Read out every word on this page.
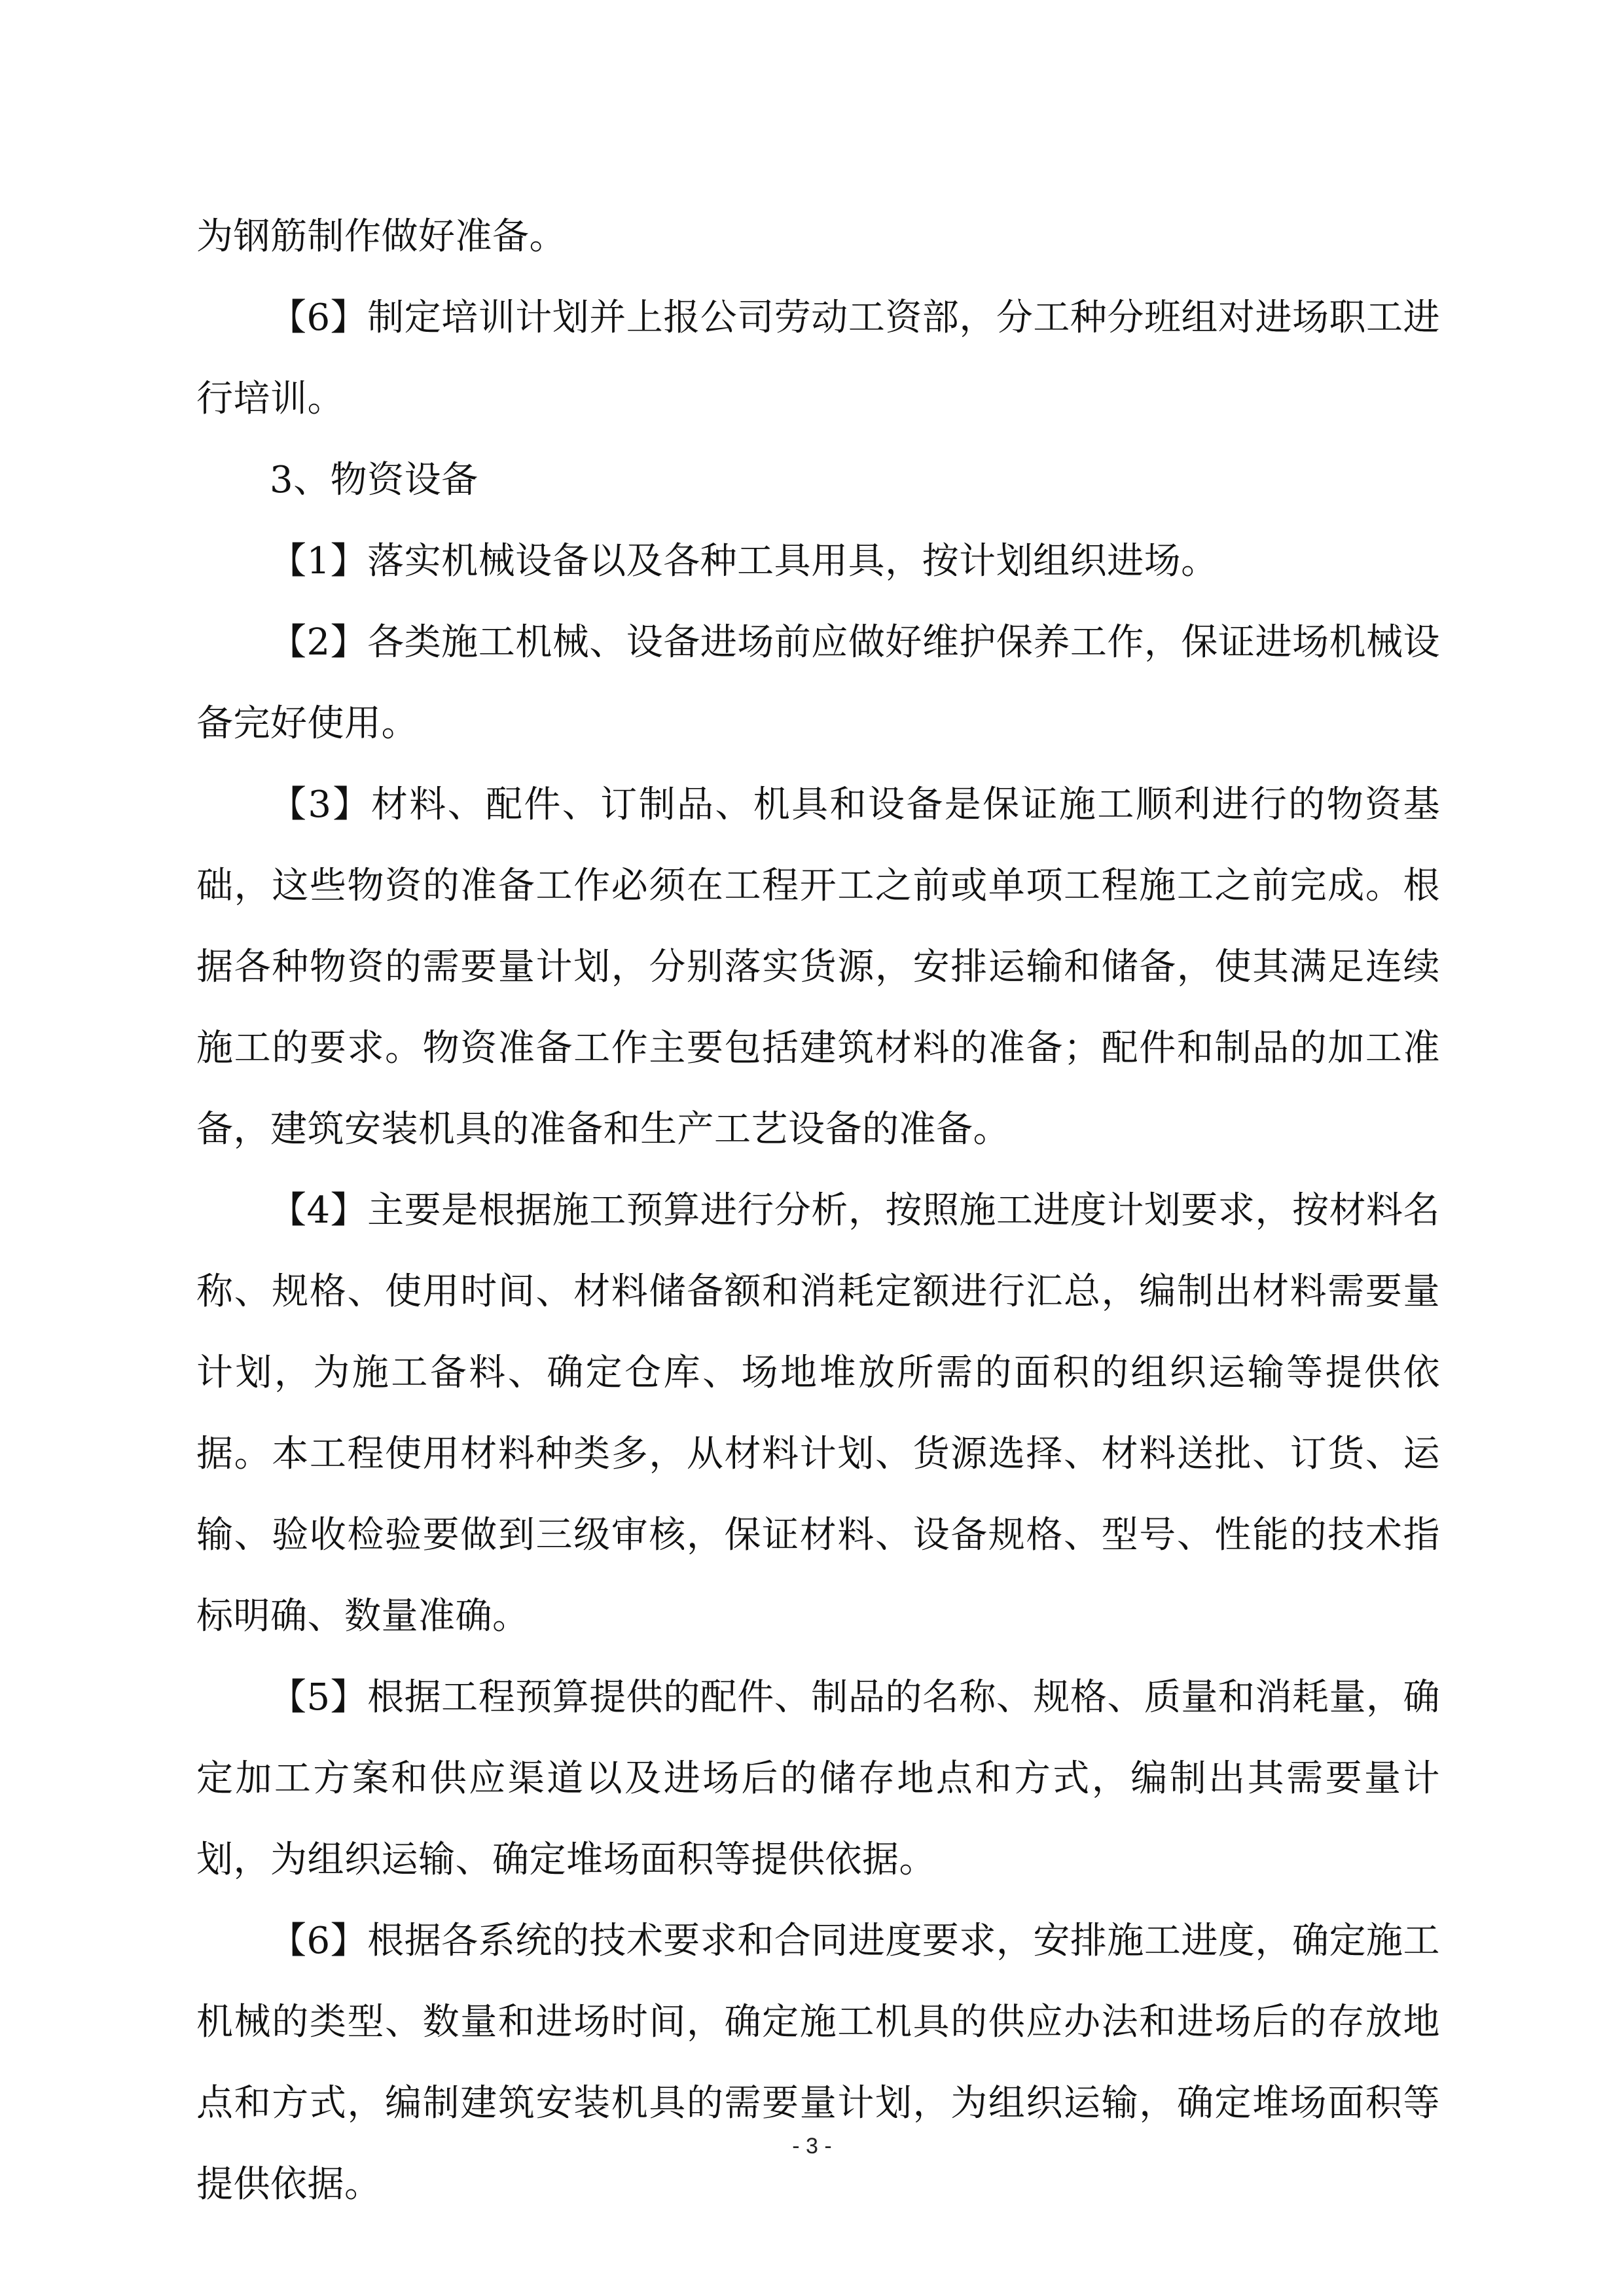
为钢筋制作做好准备。

【6】制定培训计划并上报公司劳动工资部，分工种分班组对进场职工进行培训。

3、物资设备

【1】落实机械设备以及各种工具用具，按计划组织进场。

【2】各类施工机械、设备进场前应做好维护保养工作，保证进场机械设备完好使用。

【3】材料、配件、订制品、机具和设备是保证施工顺利进行的物资基础，这些物资的准备工作必须在工程开工之前或单项工程施工之前完成。根据各种物资的需要量计划，分别落实货源，安排运输和储备，使其满足连续施工的要求。物资准备工作主要包括建筑材料的准备；配件和制品的加工准备，建筑安装机具的准备和生产工艺设备的准备。

【4】主要是根据施工预算进行分析，按照施工进度计划要求，按材料名称、规格、使用时间、材料储备额和消耗定额进行汇总，编制出材料需要量计划，为施工备料、确定仓库、场地堆放所需的面积的组织运输等提供依据。本工程使用材料种类多，从材料计划、货源选择、材料送批、订货、运输、验收检验要做到三级审核，保证材料、设备规格、型号、性能的技术指标明确、数量准确。

【5】根据工程预算提供的配件、制品的名称、规格、质量和消耗量，确定加工方案和供应渠道以及进场后的储存地点和方式，编制出其需要量计划，为组织运输、确定堆场面积等提供依据。

【6】根据各系统的技术要求和合同进度要求，安排施工进度，确定施工机械的类型、数量和进场时间，确定施工机具的供应办法和进场后的存放地点和方式，编制建筑安装机具的需要量计划，为组织运输，确定堆场面积等提供依据。

- 3 -
